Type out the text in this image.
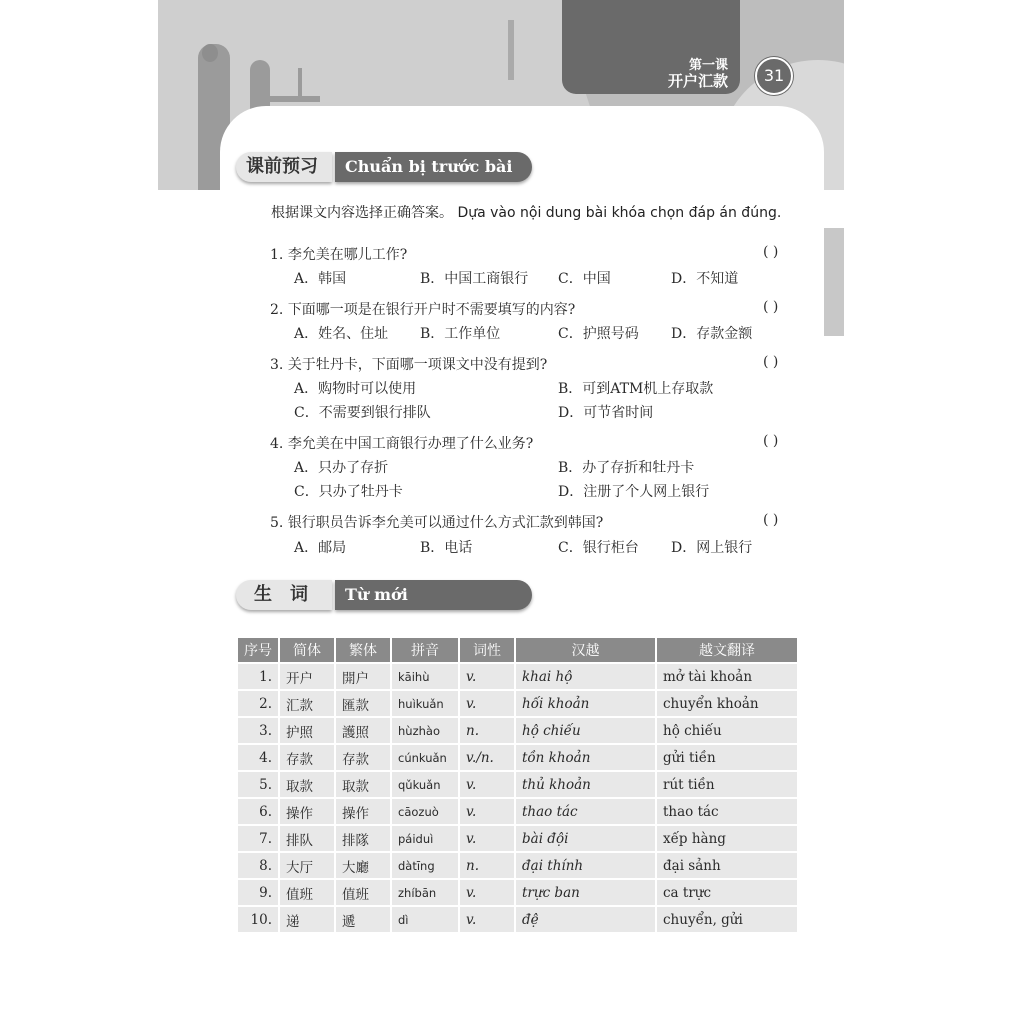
第一课
开户汇款	31
课前预习	Chuẩn bị trước bài khóa
根据课文内容选择正确答案。 Dựa vào nội dung bài khóa chọn đáp án đúng.
1. 李允美在哪儿工作?	( )
A．韩国	B．中国工商银行 C．中国	D．不知道
2. 下面哪一项是在银行开户时不需要填写的内容?	( )
A．姓名、住址 B．工作单位	C．护照号码 D．存款金额
3. 关于牡丹卡，下面哪一项课文中没有提到?	( )
A．购物时可以使用	B．可到ATM机上存取款
C．不需要到银行排队	D．可节省时间
4. 李允美在中国工商银行办理了什么业务?	( )
A．只办了存折	B．办了存折和牡丹卡
C．只办了牡丹卡	D．注册了个人网上银行
5. 银行职员告诉李允美可以通过什么方式汇款到韩国?	( )
A．邮局	B．电话	C．银行柜台 D．网上银行
生　词	Từ mới
序号	简体	繁体	拼音	词性	汉越	越文翻译
1.	开户	開户	kāihù	v.	khai hộ	mở tài khoản
2.	汇款	匯款	huìkuǎn	v.	hối khoản	chuyển khoản
3.	护照	護照	hùzhào	n.	hộ chiếu	hộ chiếu
4.	存款	存款	cúnkuǎn	v./n.	tồn khoản	gửi tiền
5.	取款	取款	qǔkuǎn	v.	thủ khoản	rút tiền
6.	操作	操作	cāozuò	v.	thao tác	thao tác
7.	排队	排隊	páiduì	v.	bài đội	xếp hàng
8.	大厅	大廳	dàtīng	n.	đại thính	đại sảnh
9.	值班	值班	zhíbān	v.	trực ban	ca trực
10.	递	遞	dì	v.	đệ	chuyển, gửi
